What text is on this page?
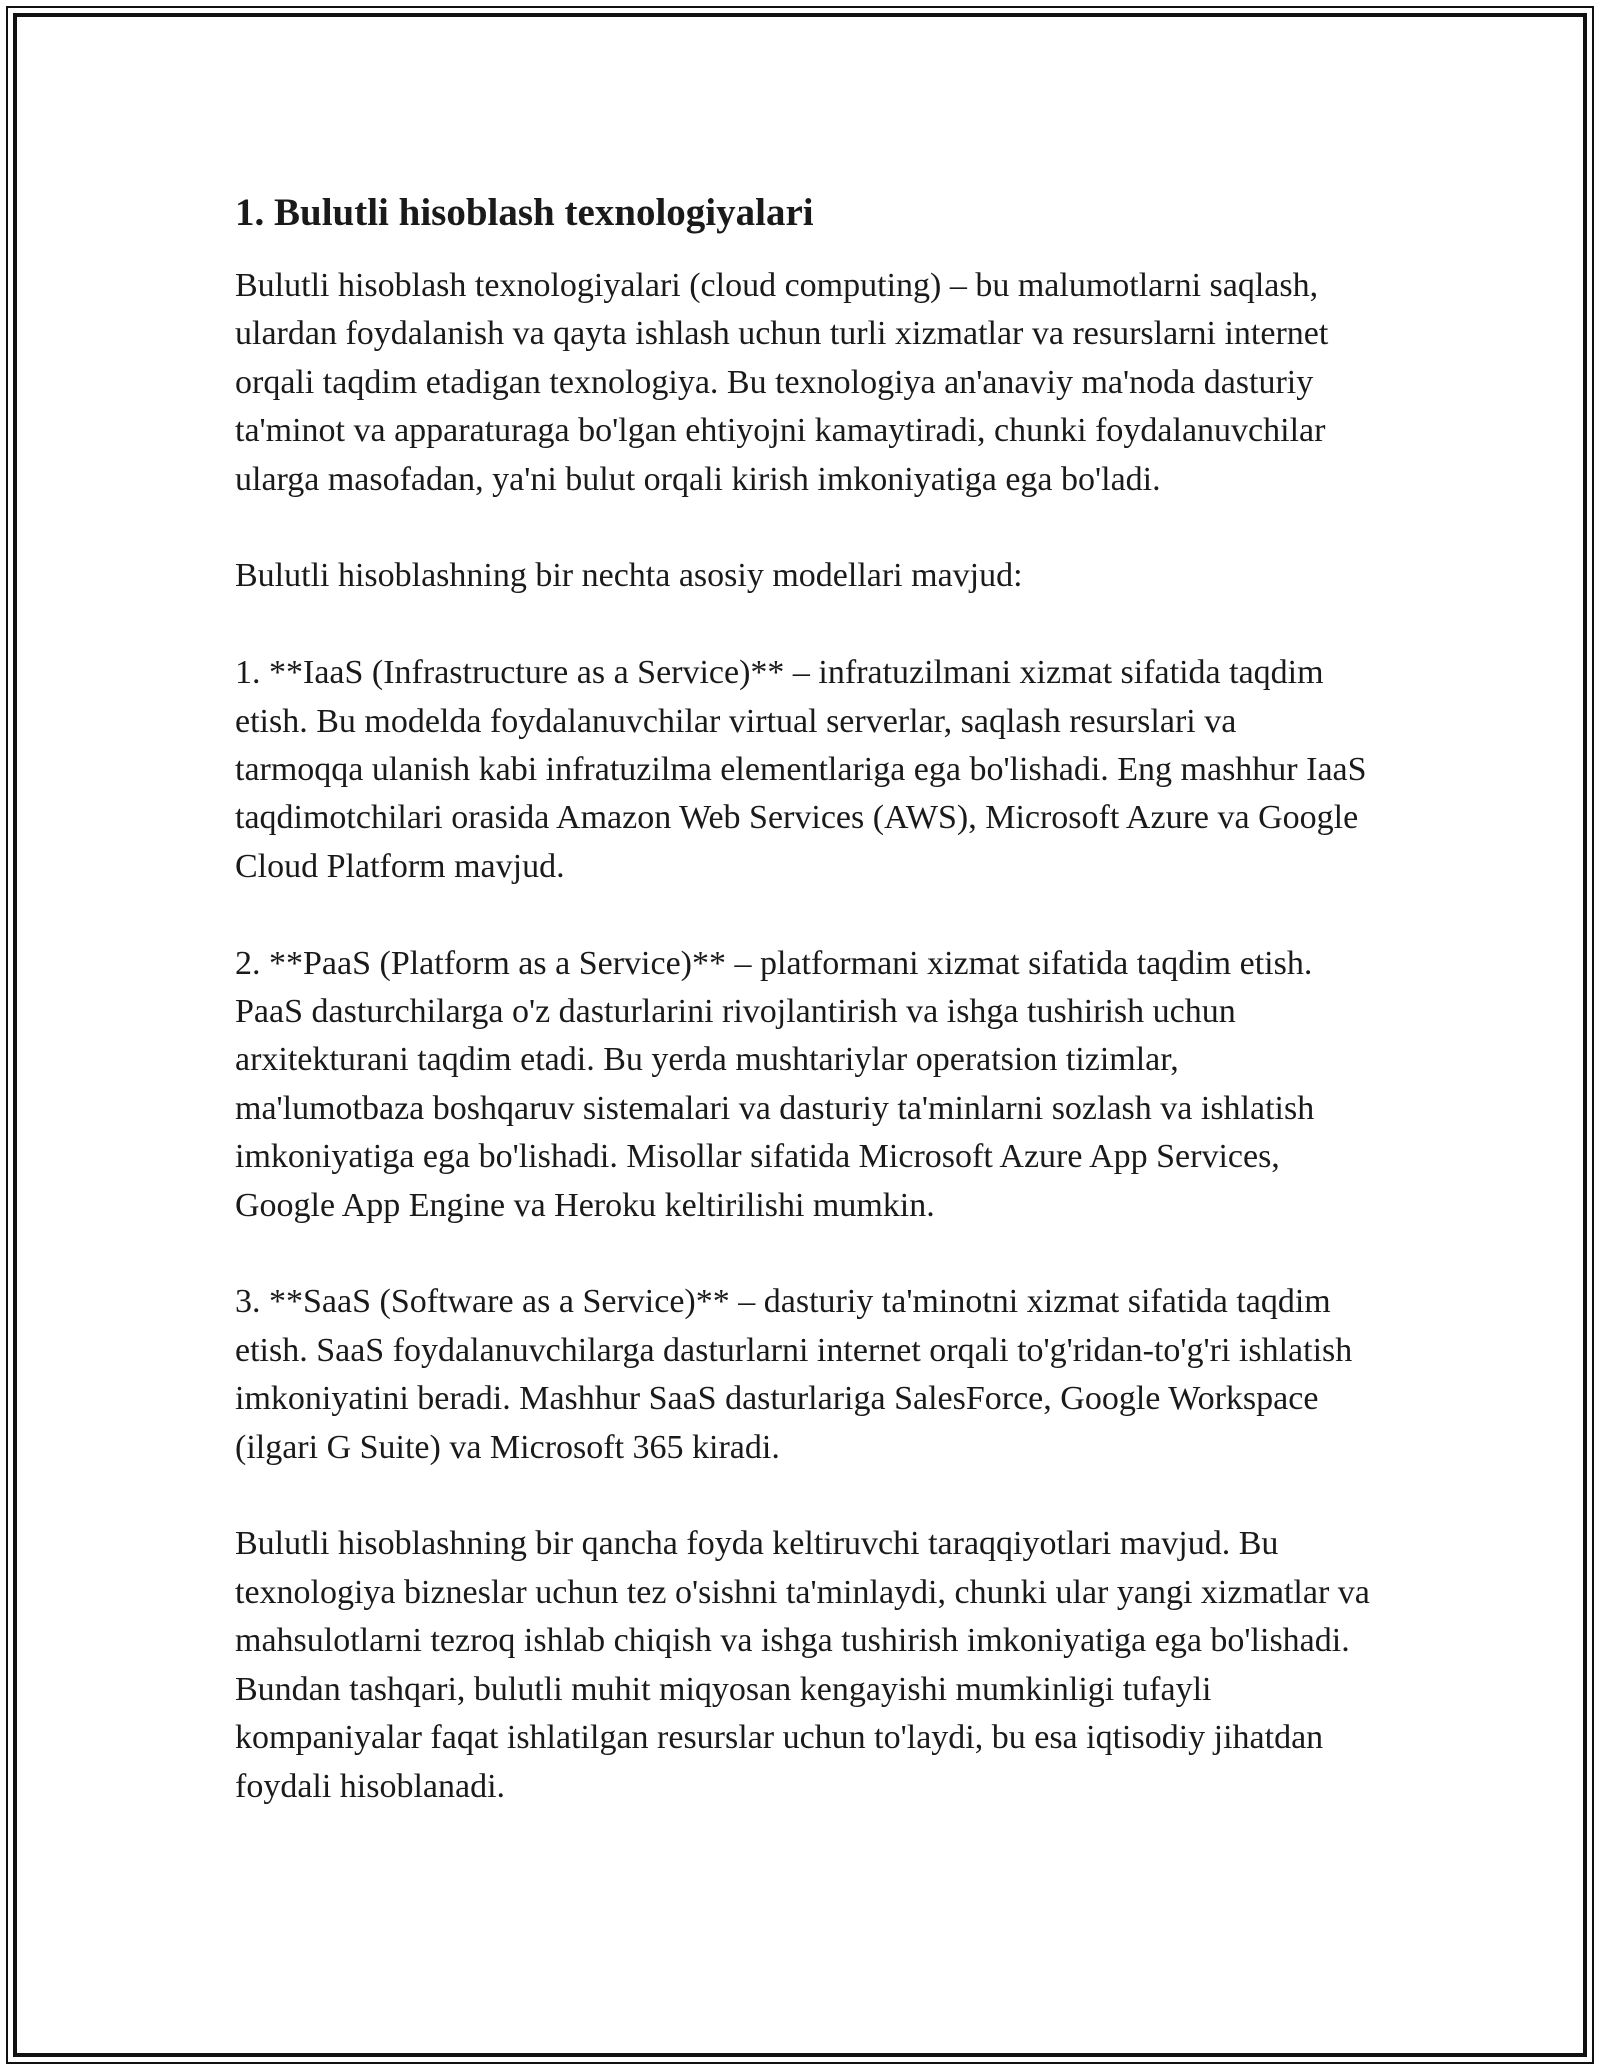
1. Bulutli hisoblash texnologiyalari

Bulutli hisoblash texnologiyalari (cloud computing) – bu malumotlarni saqlash, ulardan foydalanish va qayta ishlash uchun turli xizmatlar va resurslarni internet orqali taqdim etadigan texnologiya. Bu texnologiya an'anaviy ma'noda dasturiy ta'minot va apparaturaga bo'lgan ehtiyojni kamaytiradi, chunki foydalanuvchilar ularga masofadan, ya'ni bulut orqali kirish imkoniyatiga ega bo'ladi.

Bulutli hisoblashning bir nechta asosiy modellari mavjud:

1. **IaaS (Infrastructure as a Service)** – infratuzilmani xizmat sifatida taqdim etish. Bu modelda foydalanuvchilar virtual serverlar, saqlash resurslari va tarmoqqa ulanish kabi infratuzilma elementlariga ega bo'lishadi. Eng mashhur IaaS taqdimotchilari orasida Amazon Web Services (AWS), Microsoft Azure va Google Cloud Platform mavjud.

2. **PaaS (Platform as a Service)** – platformani xizmat sifatida taqdim etish. PaaS dasturchilarga o'z dasturlarini rivojlantirish va ishga tushirish uchun arxitekturani taqdim etadi. Bu yerda mushtariylar operatsion tizimlar, ma'lumotbaza boshqaruv sistemalari va dasturiy ta'minlarni sozlash va ishlatish imkoniyatiga ega bo'lishadi. Misollar sifatida Microsoft Azure App Services, Google App Engine va Heroku keltirilishi mumkin.

3. **SaaS (Software as a Service)** – dasturiy ta'minotni xizmat sifatida taqdim etish. SaaS foydalanuvchilarga dasturlarni internet orqali to'g'ridan-to'g'ri ishlatish imkoniyatini beradi. Mashhur SaaS dasturlariga SalesForce, Google Workspace (ilgari G Suite) va Microsoft 365 kiradi.

Bulutli hisoblashning bir qancha foyda keltiruvchi taraqqiyotlari mavjud. Bu texnologiya bizneslar uchun tez o'sishni ta'minlaydi, chunki ular yangi xizmatlar va mahsulotlarni tezroq ishlab chiqish va ishga tushirish imkoniyatiga ega bo'lishadi. Bundan tashqari, bulutli muhit miqyosan kengayishi mumkinligi tufayli kompaniyalar faqat ishlatilgan resurslar uchun to'laydi, bu esa iqtisodiy jihatdan foydali hisoblanadi.
